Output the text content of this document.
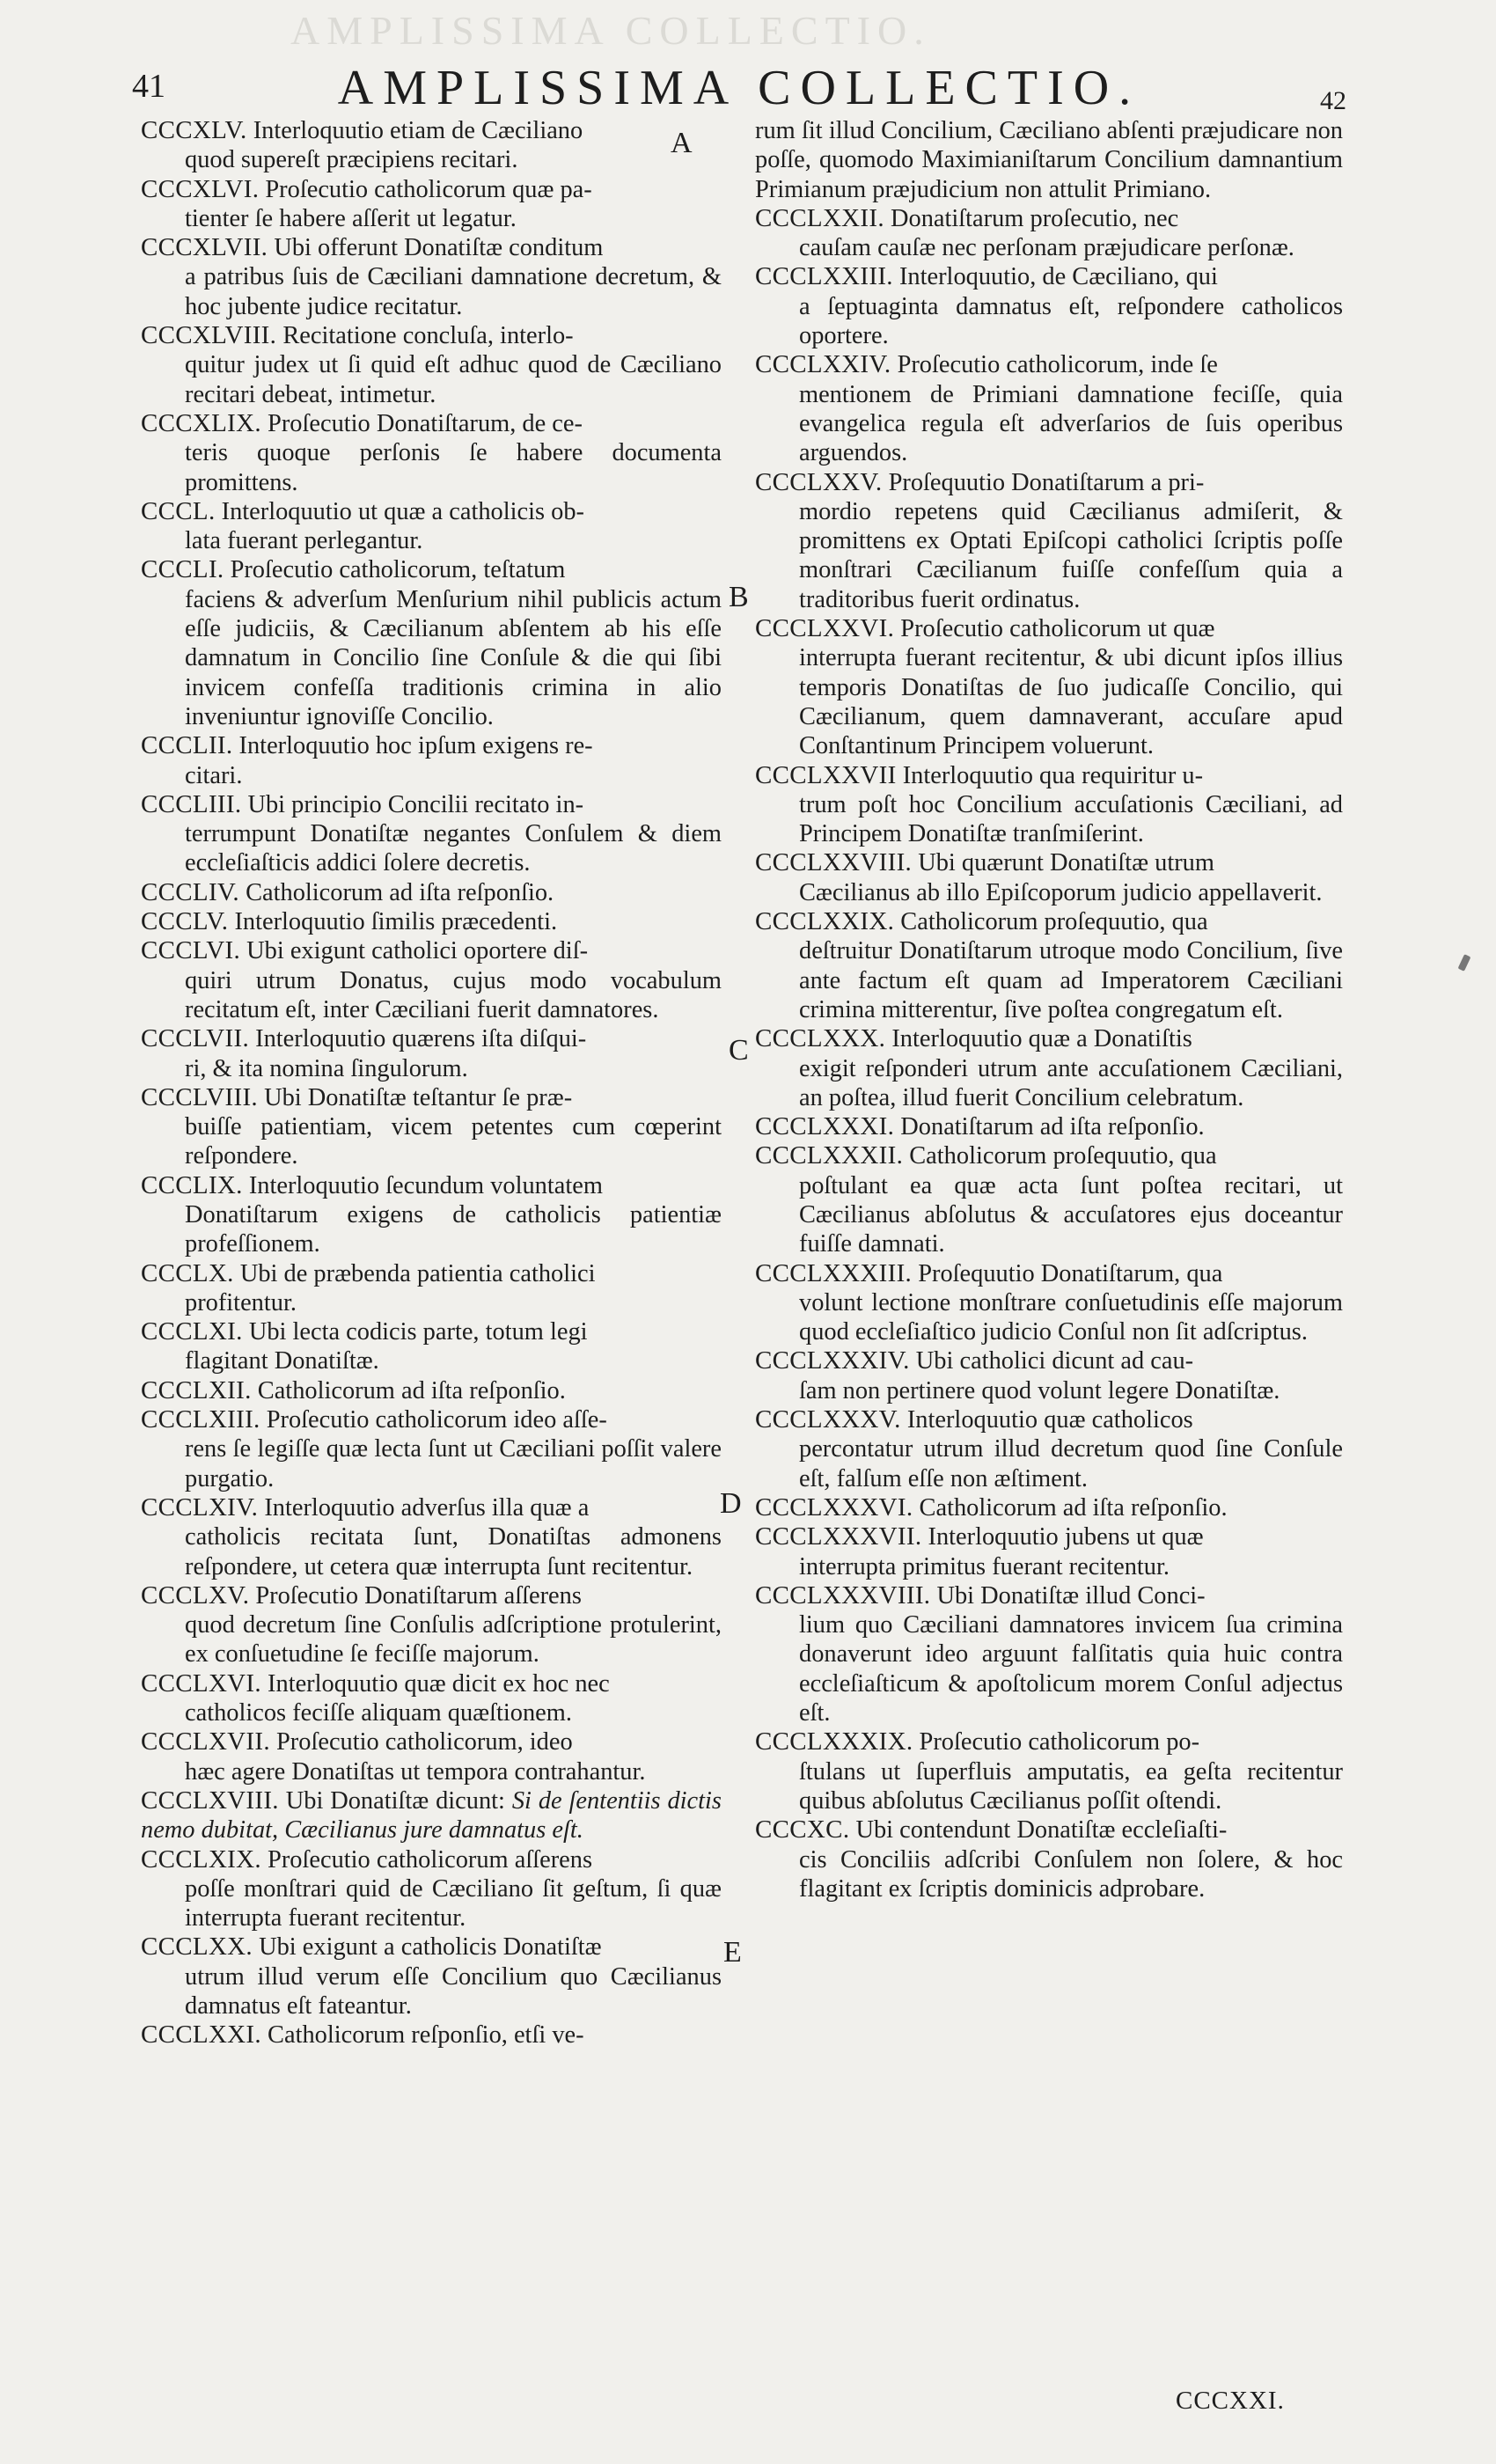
AMPLISSIMA COLLECTIO.
41	AMPLISSIMA COLLECTIO.	42

CCCXLV. Interloquutio etiam de Cæciliano
quod supereſt præcipiens recitari.

CCCXLVI. Proſecutio catholicorum quæ pa-
tienter ſe habere aſſerit ut legatur.

CCCXLVII. Ubi offerunt Donatiſtæ conditum
a patribus ſuis de Cæciliani damnatione decretum, & hoc jubente judice recitatur.

CCCXLVIII. Recitatione concluſa, interlo-
quitur judex ut ſi quid eſt adhuc quod de Cæciliano recitari debeat, intimetur.

CCCXLIX. Proſecutio Donatiſtarum, de ce-
teris quoque perſonis ſe habere documenta promittens.

CCCL. Interloquutio ut quæ a catholicis ob-
lata fuerant perlegantur.

CCCLI. Proſecutio catholicorum, teſtatum
faciens & adverſum Menſurium nihil publicis actum eſſe judiciis, & Cæcilianum abſentem ab his eſſe damnatum in Concilio ſine Conſule & die qui ſibi invicem confeſſa traditionis crimina in alio inveniuntur ignoviſſe Concilio.

CCCLII. Interloquutio hoc ipſum exigens re-
citari.

CCCLIII. Ubi principio Concilii recitato in-
terrumpunt Donatiſtæ negantes Conſulem & diem eccleſiaſticis addici ſolere decretis.

CCCLIV. Catholicorum ad iſta reſponſio.

CCCLV. Interloquutio ſimilis præcedenti.

CCCLVI. Ubi exigunt catholici oportere diſ-
quiri utrum Donatus, cujus modo vocabulum recitatum eſt, inter Cæciliani fuerit damnatores.

CCCLVII. Interloquutio quærens iſta diſqui-
ri, & ita nomina ſingulorum.

CCCLVIII. Ubi Donatiſtæ teſtantur ſe præ-
buiſſe patientiam, vicem petentes cum cœperint reſpondere.

CCCLIX. Interloquutio ſecundum voluntatem
Donatiſtarum exigens de catholicis patientiæ profeſſionem.

CCCLX. Ubi de præbenda patientia catholici
profitentur.

CCCLXI. Ubi lecta codicis parte, totum legi
flagitant Donatiſtæ.

CCCLXII. Catholicorum ad iſta reſponſio.

CCCLXIII. Proſecutio catholicorum ideo aſſe-
rens ſe legiſſe quæ lecta ſunt ut Cæciliani poſſit valere purgatio.

CCCLXIV. Interloquutio adverſus illa quæ a
catholicis recitata ſunt, Donatiſtas admonens reſpondere, ut cetera quæ interrupta ſunt recitentur.

CCCLXV. Proſecutio Donatiſtarum aſſerens
quod decretum ſine Conſulis adſcriptione protulerint, ex conſuetudine ſe feciſſe majorum.

CCCLXVI. Interloquutio quæ dicit ex hoc nec
catholicos feciſſe aliquam quæſtionem.

CCCLXVII. Proſecutio catholicorum, ideo
hæc agere Donatiſtas ut tempora contrahantur.

CCCLXVIII. Ubi Donatiſtæ dicunt: Si de ſententiis dictis nemo dubitat, Cæcilianus jure damnatus eſt.

CCCLXIX. Proſecutio catholicorum aſſerens
poſſe monſtrari quid de Cæciliano ſit geſtum, ſi quæ interrupta fuerant recitentur.

CCCLXX. Ubi exigunt a catholicis Donatiſtæ
utrum illud verum eſſe Concilium quo Cæcilianus damnatus eſt fateantur.

CCCLXXI. Catholicorum reſponſio, etſi ve-

rum ſit illud Concilium, Cæciliano abſenti præjudicare non poſſe, quomodo Maximianiſtarum Concilium damnantium Primianum præjudicium non attulit Primiano.

CCCLXXII. Donatiſtarum proſecutio, nec
cauſam cauſæ nec perſonam præjudicare perſonæ.

CCCLXXIII. Interloquutio, de Cæciliano, qui
a ſeptuaginta damnatus eſt, reſpondere catholicos oportere.

CCCLXXIV. Proſecutio catholicorum, inde ſe
mentionem de Primiani damnatione feciſſe, quia evangelica regula eſt adverſarios de ſuis operibus arguendos.

CCCLXXV. Proſequutio Donatiſtarum a pri-
mordio repetens quid Cæcilianus admiſerit, & promittens ex Optati Epiſcopi catholici ſcriptis poſſe monſtrari Cæcilianum fuiſſe confeſſum quia a traditoribus fuerit ordinatus.

CCCLXXVI. Proſecutio catholicorum ut quæ
interrupta fuerant recitentur, & ubi dicunt ipſos illius temporis Donatiſtas de ſuo judicaſſe Concilio, qui Cæcilianum, quem damnaverant, accuſare apud Conſtantinum Principem voluerunt.

CCCLXXVII Interloquutio qua requiritur u-
trum poſt hoc Concilium accuſationis Cæciliani, ad Principem Donatiſtæ tranſmiſerint.

CCCLXXVIII. Ubi quærunt Donatiſtæ utrum
Cæcilianus ab illo Epiſcoporum judicio appellaverit.

CCCLXXIX. Catholicorum proſequutio, qua
deſtruitur Donatiſtarum utroque modo Concilium, ſive ante factum eſt quam ad Imperatorem Cæciliani crimina mitterentur, ſive poſtea congregatum eſt.

CCCLXXX. Interloquutio quæ a Donatiſtis
exigit reſponderi utrum ante accuſationem Cæciliani, an poſtea, illud fuerit Concilium celebratum.

CCCLXXXI. Donatiſtarum ad iſta reſponſio.

CCCLXXXII. Catholicorum proſequutio, qua
poſtulant ea quæ acta ſunt poſtea recitari, ut Cæcilianus abſolutus & accuſatores ejus doceantur fuiſſe damnati.

CCCLXXXIII. Proſequutio Donatiſtarum, qua
volunt lectione monſtrare conſuetudinis eſſe majorum quod eccleſiaſtico judicio Conſul non ſit adſcriptus.

CCCLXXXIV. Ubi catholici dicunt ad cau-
ſam non pertinere quod volunt legere Donatiſtæ.

CCCLXXXV. Interloquutio quæ catholicos
percontatur utrum illud decretum quod ſine Conſule eſt, falſum eſſe non æſtiment.

CCCLXXXVI. Catholicorum ad iſta reſponſio.

CCCLXXXVII. Interloquutio jubens ut quæ
interrupta primitus fuerant recitentur.

CCCLXXXVIII. Ubi Donatiſtæ illud Conci-
lium quo Cæciliani damnatores invicem ſua crimina donaverunt ideo arguunt falſitatis quia huic contra eccleſiaſticum & apoſtolicum morem Conſul adjectus eſt.

CCCLXXXIX. Proſecutio catholicorum po-
ſtulans ut ſuperfluis amputatis, ea geſta recitentur quibus abſolutus Cæcilianus poſſit oſtendi.

CCCXC. Ubi contendunt Donatiſtæ eccleſiaſti-
cis Conciliis adſcribi Conſulem non ſolere, & hoc flagitant ex ſcriptis dominicis adprobare.

A
B
C
D
E
CCCXXI.
